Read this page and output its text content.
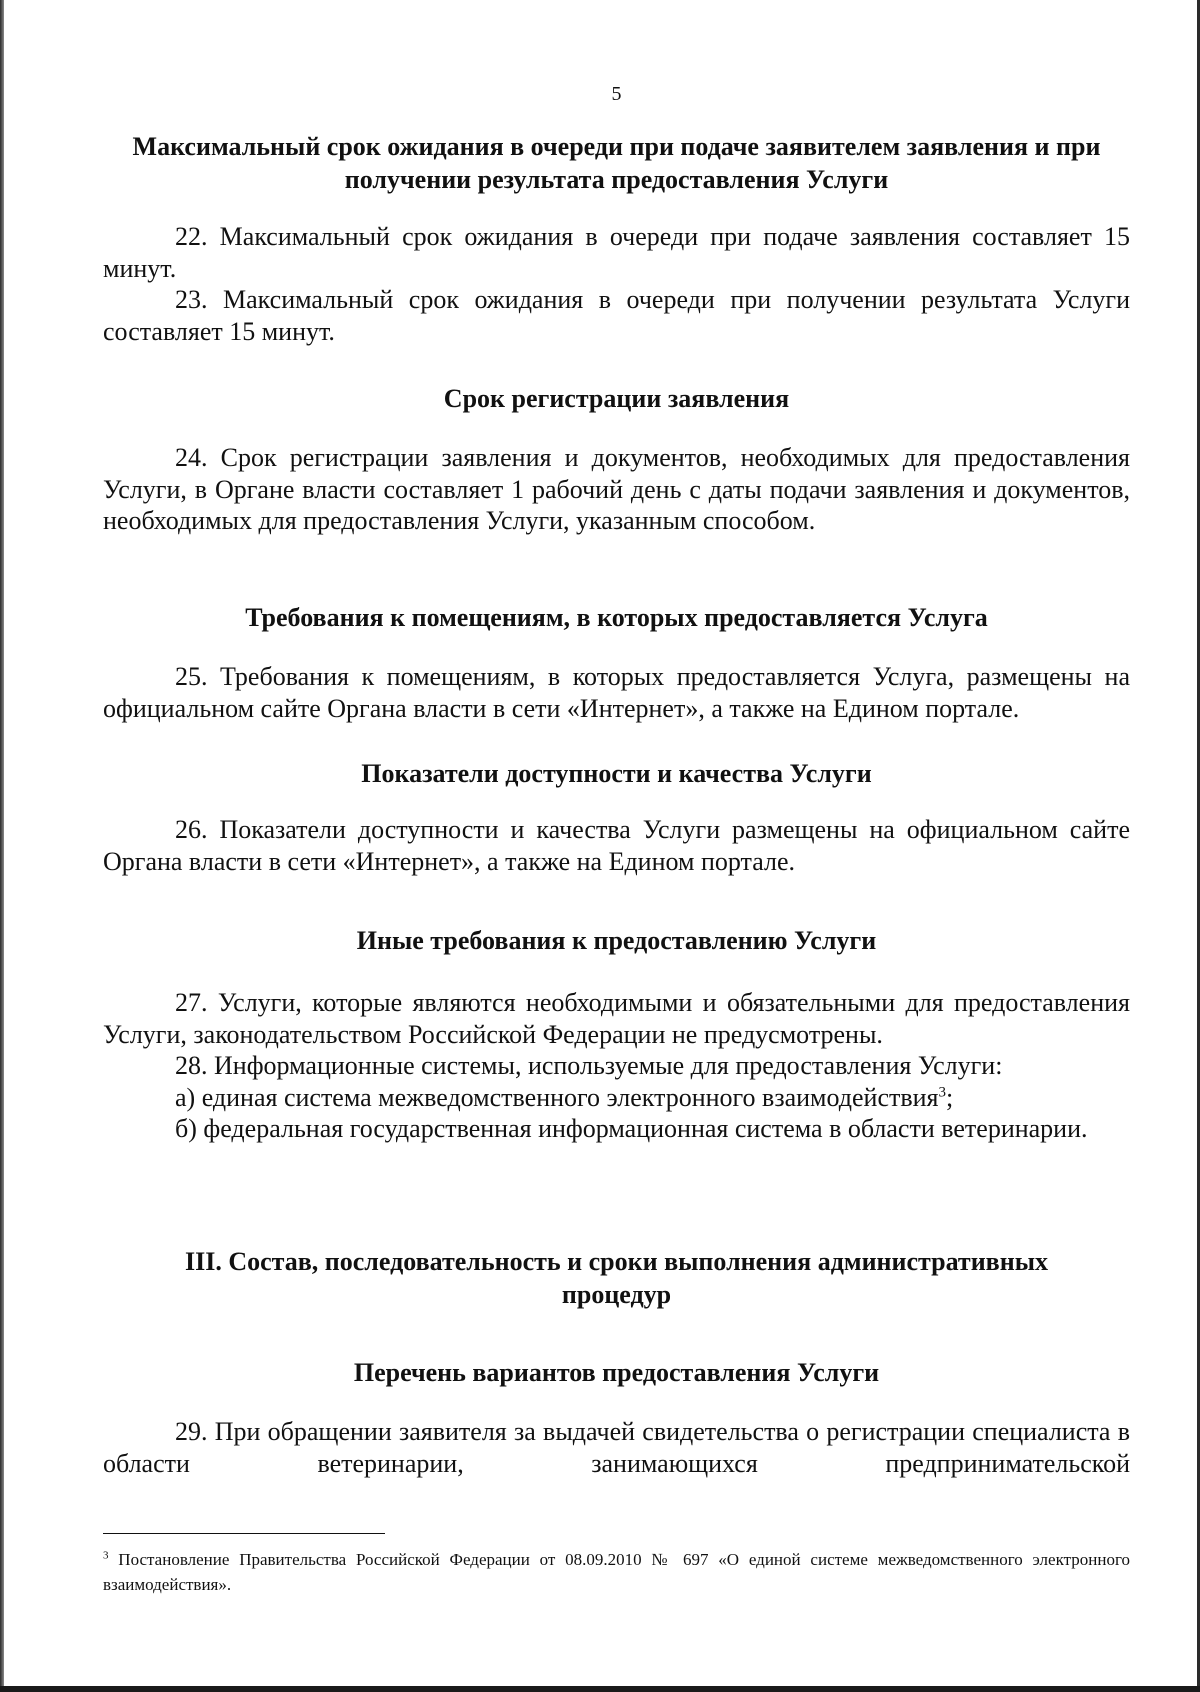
5

Максимальный срок ожидания в очереди при подаче заявителем заявления и при получении результата предоставления Услуги

22. Максимальный срок ожидания в очереди при подаче заявления составляет 15 минут.

23. Максимальный срок ожидания в очереди при получении результата Услуги составляет 15 минут.

Срок регистрации заявления

24. Срок регистрации заявления и документов, необходимых для предоставления Услуги, в Органе власти составляет 1 рабочий день с даты подачи заявления и документов, необходимых для предоставления Услуги, указанным способом.

Требования к помещениям, в которых предоставляется Услуга

25. Требования к помещениям, в которых предоставляется Услуга, размещены на официальном сайте Органа власти в сети «Интернет», а также на Едином портале.

Показатели доступности и качества Услуги

26. Показатели доступности и качества Услуги размещены на официальном сайте Органа власти в сети «Интернет», а также на Едином портале.

Иные требования к предоставлению Услуги

27. Услуги, которые являются необходимыми и обязательными для предоставления Услуги, законодательством Российской Федерации не предусмотрены.

28. Информационные системы, используемые для предоставления Услуги:

а) единая система межведомственного электронного взаимодействия$^3$;

б) федеральная государственная информационная система в области ветеринарии.

III. Состав, последовательность и сроки выполнения административных процедур

Перечень вариантов предоставления Услуги

29. При обращении заявителя за выдачей свидетельства о регистрации специалиста в области ветеринарии, занимающихся предпринимательской

$^3$ Постановление Правительства Российской Федерации от 08.09.2010 № 697 «О единой системе межведомственного электронного взаимодействия».
